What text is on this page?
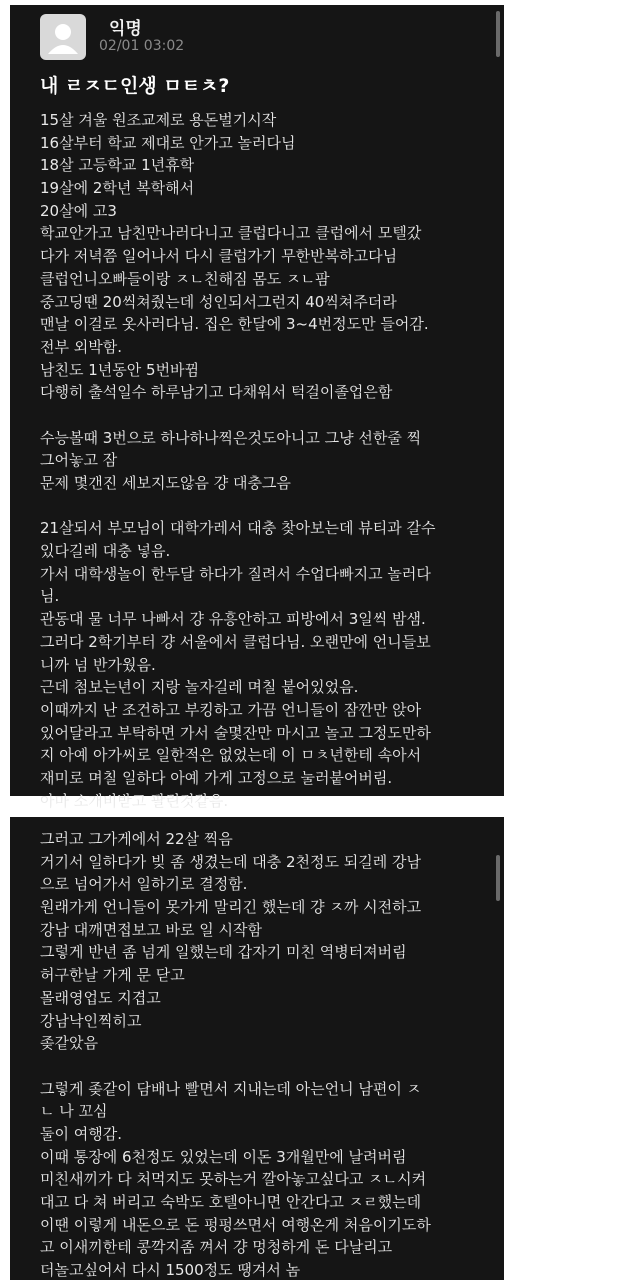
익명
02/01 03:02
내 ㄹㅈㄷ인생 ㅁㅌㅊ?
15살 겨울 원조교제로 용돈벌기시작
16살부터 학교 제대로 안가고 놀러다님
18살 고등학교 1년휴학
19살에 2학년 복학해서
20살에 고3
학교안가고 남친만나러다니고 클럽다니고 클럽에서 모텔갔
다가 저녁쯤 일어나서 다시 클럽가기 무한반복하고다님
클럽언니오빠들이랑 ㅈㄴ친해짐 몸도 ㅈㄴ팜
중고딩땐 20씩쳐줬는데 성인되서그런지 40씩쳐주더라
맨날 이걸로 옷사러다님. 집은 한달에 3~4번정도만 들어감.
전부 외박함.
남친도 1년동안 5번바뀜
다행히 출석일수 하루남기고 다채워서 턱걸이졸업은함
수능볼때 3번으로 하나하나찍은것도아니고 그냥 선한줄 찍
그어놓고 잠
문제 몇갠진 세보지도않음 걍 대충그음
21살되서 부모님이 대학가레서 대충 찾아보는데 뷰티과 갈수
있다길레 대충 넣음.
가서 대학생놀이 한두달 하다가 질려서 수업다빠지고 놀러다
님.
관동대 물 너무 나빠서 걍 유흥안하고 피방에서 3일씩 밤샘.
그러다 2학기부터 걍 서울에서 클럽다님. 오랜만에 언니들보
니까 넘 반가웠음.
근데 첨보는년이 지랑 놀자길레 며칠 붙어있었음.
이때까지 난 조건하고 부킹하고 가끔 언니들이 잠깐만 앉아
있어달라고 부탁하면 가서 술몇잔만 마시고 놀고 그정도만하
지 아예 아가씨로 일한적은 없었는데 이 ㅁㅊ년한테 속아서
재미로 며칠 일하다 아예 가게 고정으로 눌러붙어버림.
아마 소개비받고 팔린것같음.
그러고 그가게에서 22살 찍음
거기서 일하다가 빚 좀 생겼는데 대충 2천정도 되길레 강남
으로 넘어가서 일하기로 결정함.
원래가게 언니들이 못가게 말리긴 했는데 걍 ㅈ까 시전하고
강남 대깨면접보고 바로 일 시작함
그렇게 반년 좀 넘게 일했는데 갑자기 미친 역병터져버림
허구한날 가게 문 닫고
몰래영업도 지겹고
강남낙인찍히고
좆같았음
그렇게 좆같이 담배나 빨면서 지내는데 아는언니 남편이 ㅈ
ㄴ 나 꼬심
둘이 여행감.
이때 통장에 6천정도 있었는데 이돈 3개월만에 날려버림
미친새끼가 다 처먹지도 못하는거 깔아놓고싶다고 ㅈㄴ시켜
대고 다 쳐 버리고 숙박도 호텔아니면 안간다고 ㅈㄹ했는데
이땐 이렇게 내돈으로 돈 펑펑쓰면서 여행온게 처음이기도하
고 이새끼한테 콩깍지좀 껴서 걍 멍청하게 돈 다날리고
더놀고싶어서 다시 1500정도 땡겨서 놈
